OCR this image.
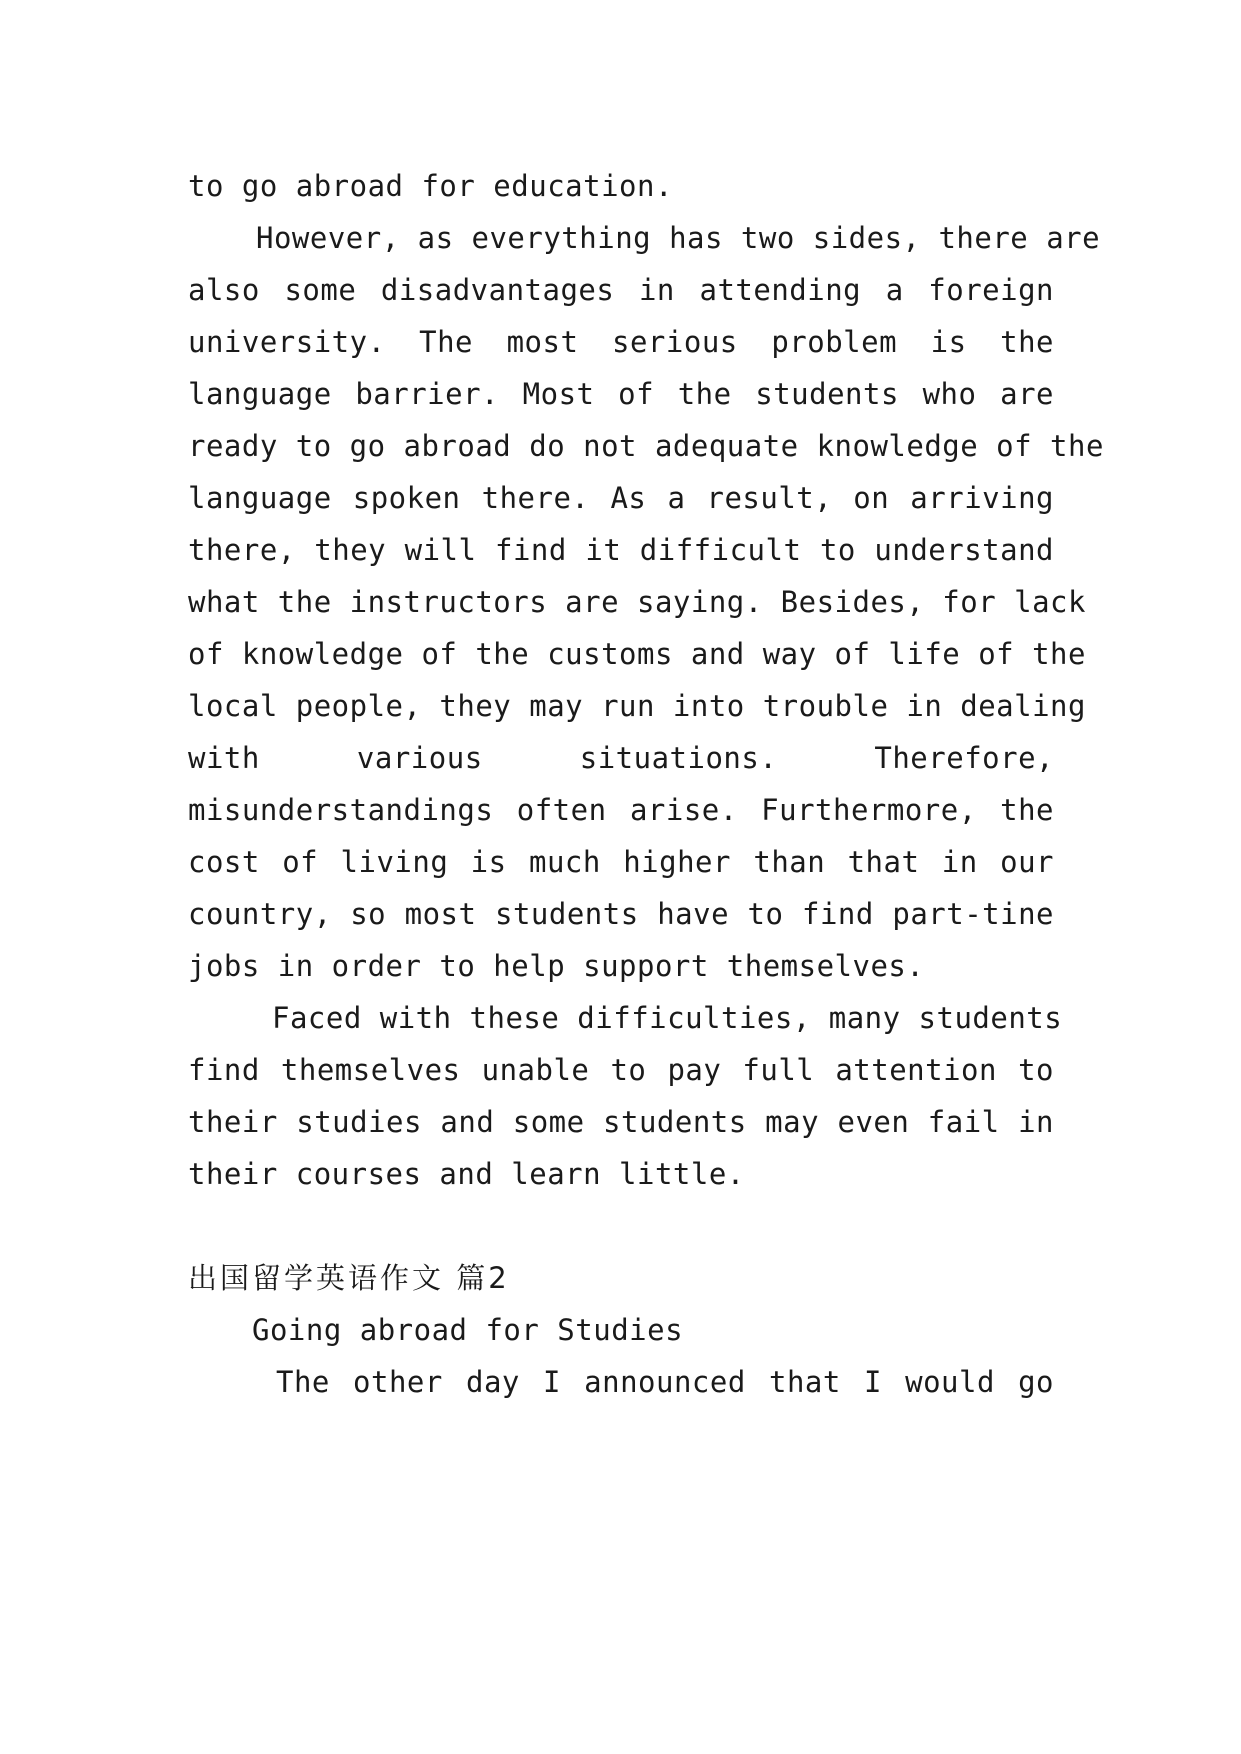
to go abroad for education.
However, as everything has two sides, there are
also some disadvantages in attending a foreign
university. The most serious problem is the
language barrier. Most of the students who are
ready to go abroad do not adequate knowledge of the
language spoken there. As a result, on arriving
there, they will find it difficult to understand
what the instructors are saying. Besides, for lack
of knowledge of the customs and way of life of the
local people, they may run into trouble in dealing
with various situations. Therefore,
misunderstandings often arise. Furthermore, the
cost of living is much higher than that in our
country, so most students have to find part-tine
jobs in order to help support themselves.
Faced with these difficulties, many students
find themselves unable to pay full attention to
their studies and some students may even fail in
their courses and learn little.
出国留学英语作文 篇2
Going abroad for Studies
The other day I announced that I would go
